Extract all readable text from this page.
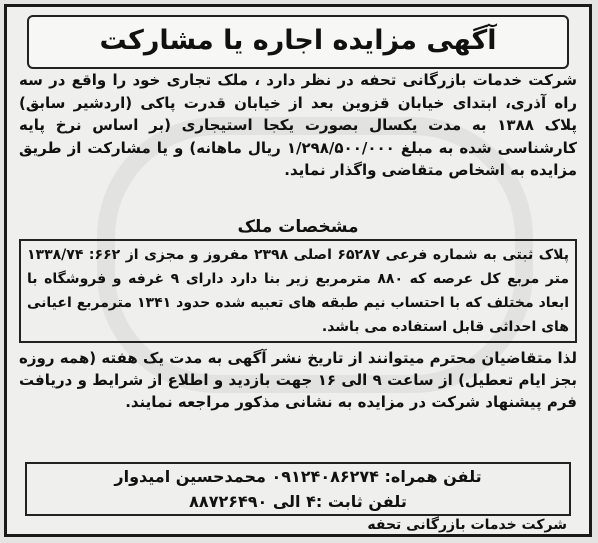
آگهی مزایده اجاره یا مشارکت
شرکت خدمات بازرگانی تحفه در نظر دارد ، ملک تجاری خود را واقع در سه راه آذری، ابتدای خیابان قزوین بعد از خیابان قدرت پاکی (اردشیر سابق) پلاک ۱۳۸۸ به مدت یکسال بصورت یکجا استیجاری (بر اساس نرخ پایه کارشناسی شده به مبلغ ۱/۲۹۸/۵۰۰/۰۰۰ ریال ماهانه) و یا مشارکت از طریق مزایده به اشخاص متقاضی واگذار نماید.
مشخصات ملک
پلاک ثبتی به شماره فرعی ۶۵۲۸۷ اصلی ۲۳۹۸ مفروز و مجزی از ۶۶۲: ۱۳۳۸/۷۴ متر مربع کل عرصه که ۸۸۰ مترمربع زیر بنا دارد دارای ۹ غرفه و فروشگاه با ابعاد مختلف که با احتساب نیم طبقه های تعبیه شده حدود ۱۳۴۱ مترمربع اعیانی های احداثی قابل استفاده می باشد.
لذا متقاضیان محترم میتوانند از تاریخ نشر آگهی به مدت یک هفته (همه روزه بجز ایام تعطیل) از ساعت ۹ الی ۱۶ جهت بازدید و اطلاع از شرایط و دریافت فرم پیشنهاد شرکت در مزایده به نشانی مذکور مراجعه نمایند.
تلفن همراه: ۰۹۱۲۴۰۸۶۲۷۴ محمدحسین امیدوار
تلفن ثابت :۴ الی ۸۸۷۲۶۴۹۰
شرکت خدمات بازرگانی تحفه
